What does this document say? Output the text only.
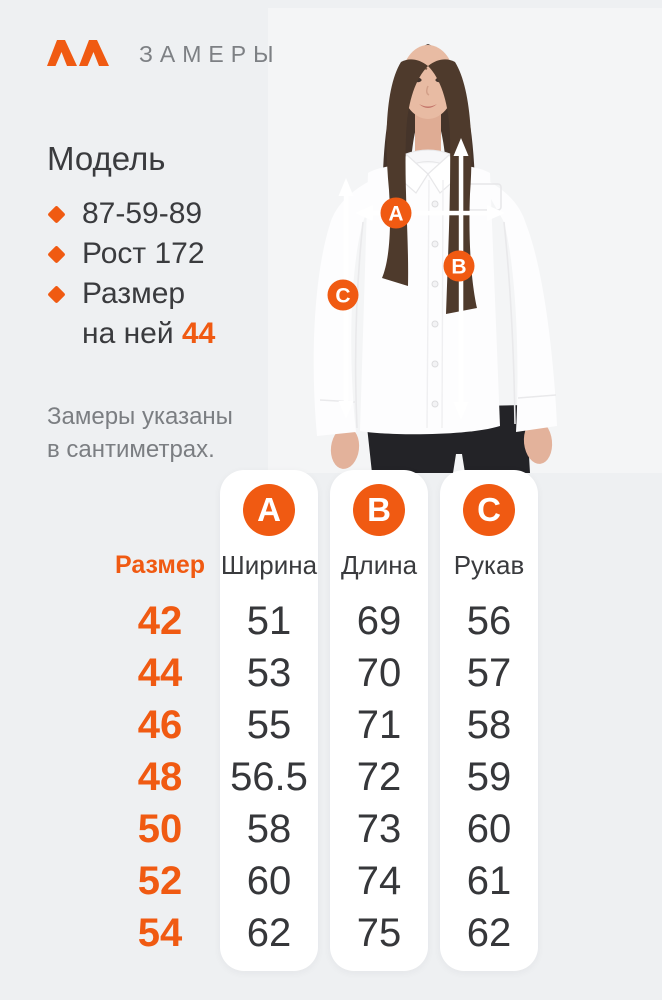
A
B
C
ЗАМЕРЫ
Модель
87-59-89
Рост 172
Размер
на ней 44
Замеры указаны
в сантиметрах.
Размер
42
44
46
48
50
52
54
A
Ширина
51
53
55
56.5
58
60
62
B
Длина
69
70
71
72
73
74
75
C
Рукав
56
57
58
59
60
61
62
